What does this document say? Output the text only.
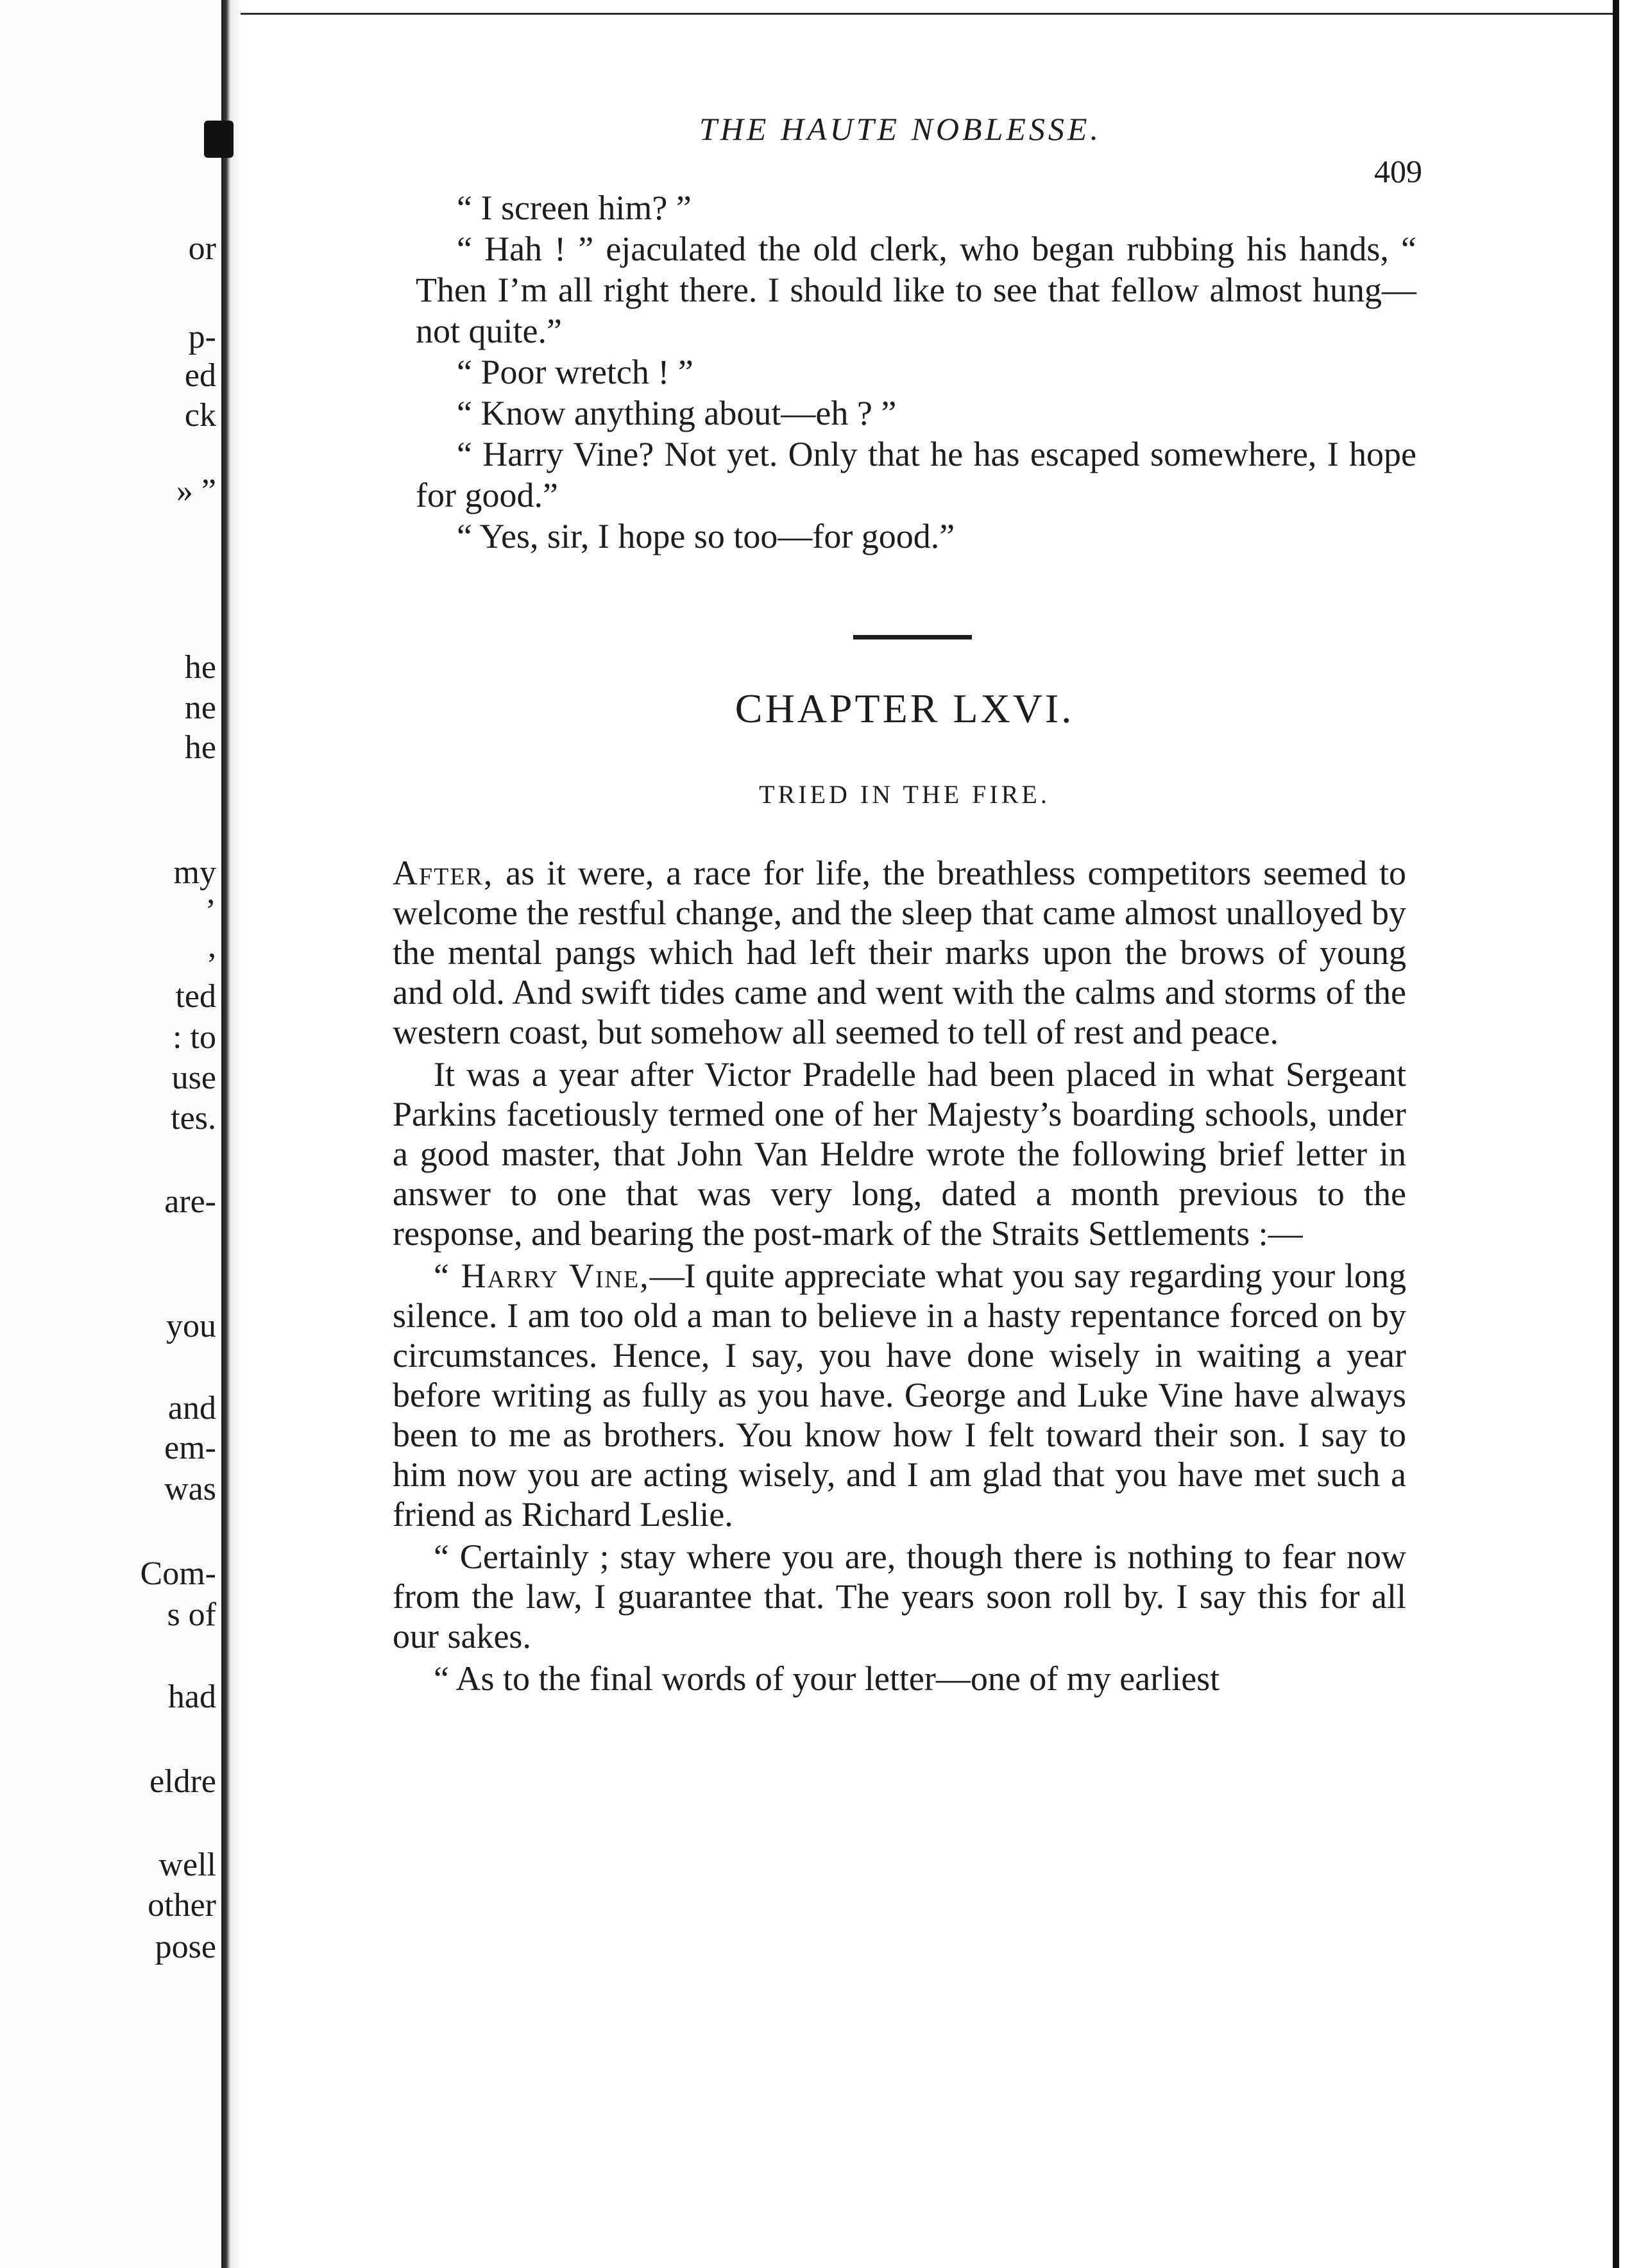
or
p-
ed
ck
» ”
he
ne
he
my
’
,
ted
: to
use
tes.
are-
you
and
em-
was
Com-
s of
had
eldre
well
other
pose
THE HAUTE NOBLESSE.
409

“ I screen him? ”

“ Hah ! ” ejaculated the old clerk, who began rubbing his hands, “ Then I’m all right there. I should like to see that fellow almost hung—not quite.”

“ Poor wretch ! ”

“ Know anything about—eh ? ”

“ Harry Vine? Not yet. Only that he has escaped somewhere, I hope for good.”

“ Yes, sir, I hope so too—for good.”

CHAPTER LXVI.
TRIED IN THE FIRE.

After, as it were, a race for life, the breathless competitors seemed to welcome the restful change, and the sleep that came almost unalloyed by the mental pangs which had left their marks upon the brows of young and old. And swift tides came and went with the calms and storms of the western coast, but somehow all seemed to tell of rest and peace.

It was a year after Victor Pradelle had been placed in what Sergeant Parkins facetiously termed one of her Majesty’s boarding schools, under a good master, that John Van Heldre wrote the following brief letter in answer to one that was very long, dated a month previous to the response, and bearing the post-mark of the Straits Settlements :—

“ Harry Vine,—I quite appreciate what you say regarding your long silence. I am too old a man to believe in a hasty repentance forced on by circumstances. Hence, I say, you have done wisely in waiting a year before writing as fully as you have. George and Luke Vine have always been to me as brothers. You know how I felt toward their son. I say to him now you are acting wisely, and I am glad that you have met such a friend as Richard Leslie.

“ Certainly ; stay where you are, though there is nothing to fear now from the law, I guarantee that. The years soon roll by. I say this for all our sakes.

“ As to the final words of your letter—one of my earliest
